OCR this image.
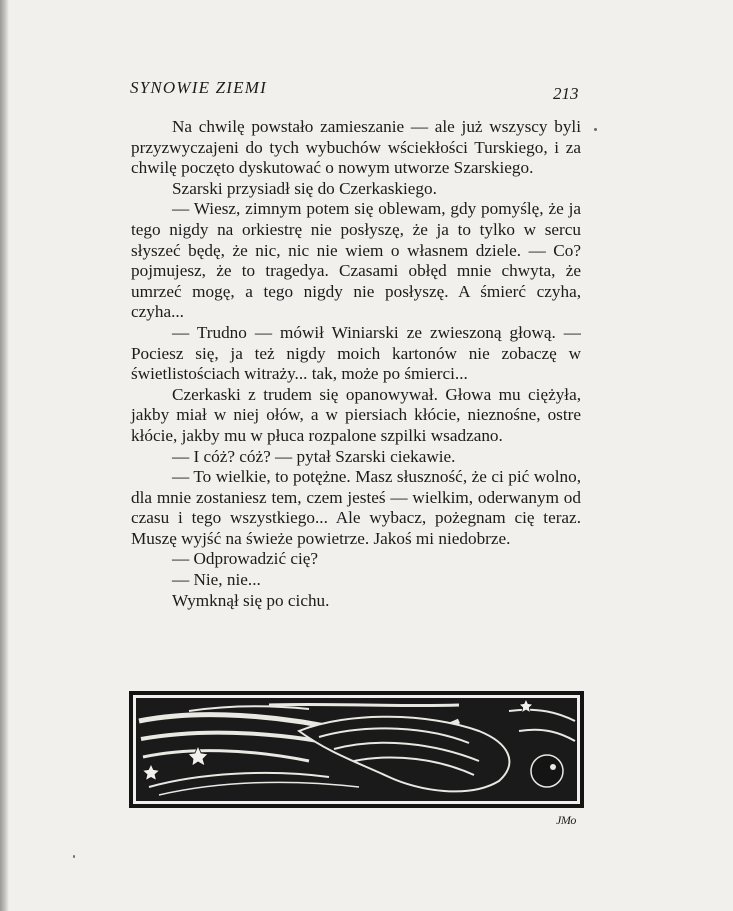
SYNOWIE ZIEMI	213

Na chwilę powstało zamieszanie — ale już wszyscy byli przyzwyczajeni do tych wybuchów wściekłości Turskiego, i za chwilę poczęto dyskutować o nowym utworze Szarskiego.

Szarski przysiadł się do Czerkaskiego.

— Wiesz, zimnym potem się oblewam, gdy pomyślę, że ja tego nigdy na orkiestrę nie posłyszę, że ja to tylko w sercu słyszeć będę, że nic, nic nie wiem o własnem dziele. — Co? pojmujesz, że to tragedya. Czasami obłęd mnie chwyta, że umrzeć mogę, a tego nigdy nie posłyszę. A śmierć czyha, czyha...

— Trudno — mówił Winiarski ze zwieszoną głową. — Pociesz się, ja też nigdy moich kartonów nie zobaczę w świetlistościach witraży... tak, może po śmierci...

Czerkaski z trudem się opanowywał. Głowa mu ciężyła, jakby miał w niej ołów, a w piersiach kłócie, nieznośne, ostre kłócie, jakby mu w płuca rozpalone szpilki wsadzano.

— I cóż? cóż? — pytał Szarski ciekawie.

— To wielkie, to potężne. Masz słuszność, że ci pić wolno, dla mnie zostaniesz tem, czem jesteś — wielkim, oderwanym od czasu i tego wszystkiego... Ale wybacz, pożegnam cię teraz. Muszę wyjść na świeże powietrze. Jakoś mi niedobrze.

— Odprowadzić cię?

— Nie, nie...

Wymknął się po cichu.

JMo
